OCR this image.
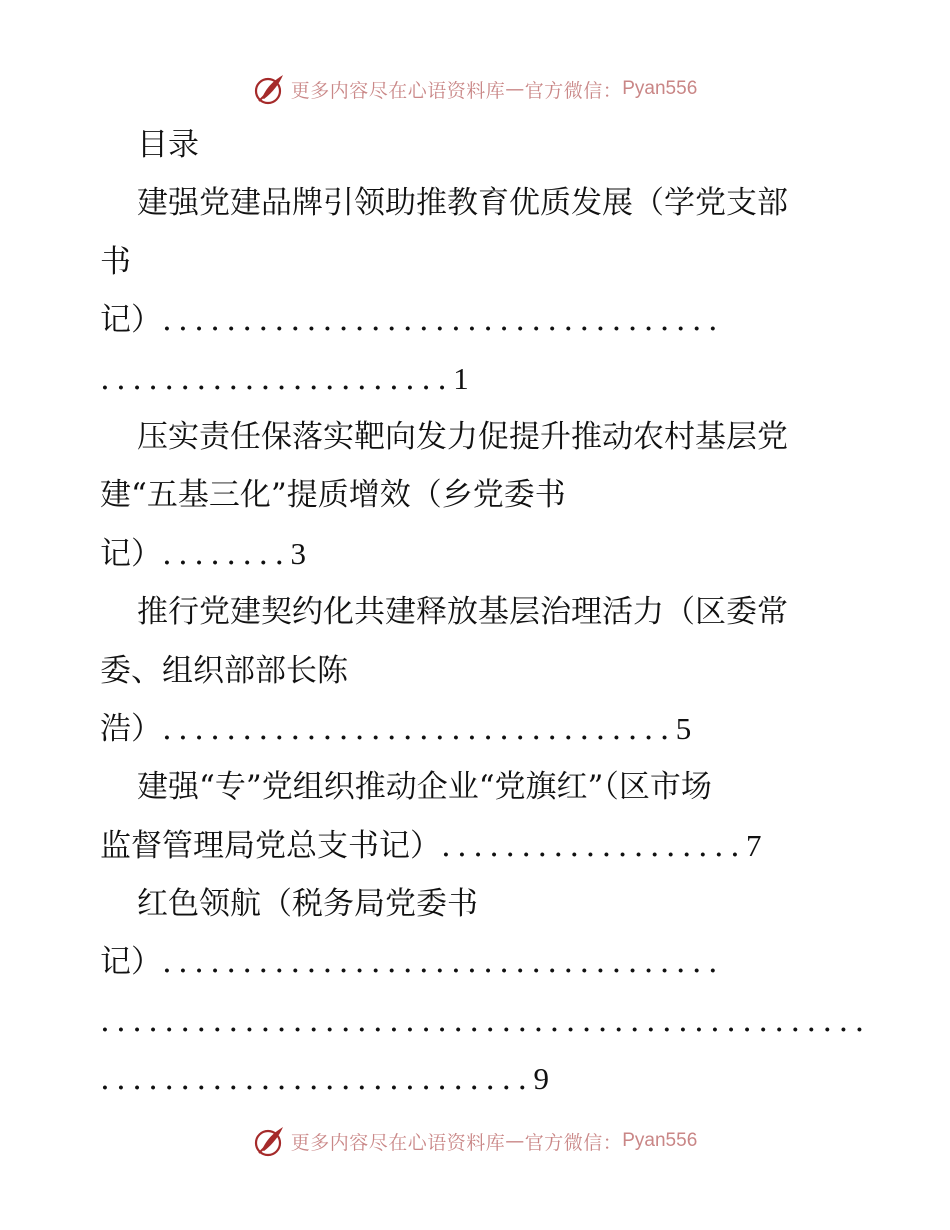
更多内容尽在心语资料库 — 官方微信： Pyan556
目录
建强党建品牌引领助推教育优质发展（学党支部
书
记）...................................
......................1
压实责任保落实靶向发力促提升推动农村基层党
建“五基三化”提质增效（乡党委书
记）........3
推行党建契约化共建释放基层治理活力（区委常
委、组织部部长陈
浩）................................5
建强“专”党组织推动企业“党旗红”（区市场
监督管理局党总支书记）...................7
红色领航（税务局党委书
记）...................................
................................................
...........................9
更多内容尽在心语资料库 — 官方微信： Pyan556
